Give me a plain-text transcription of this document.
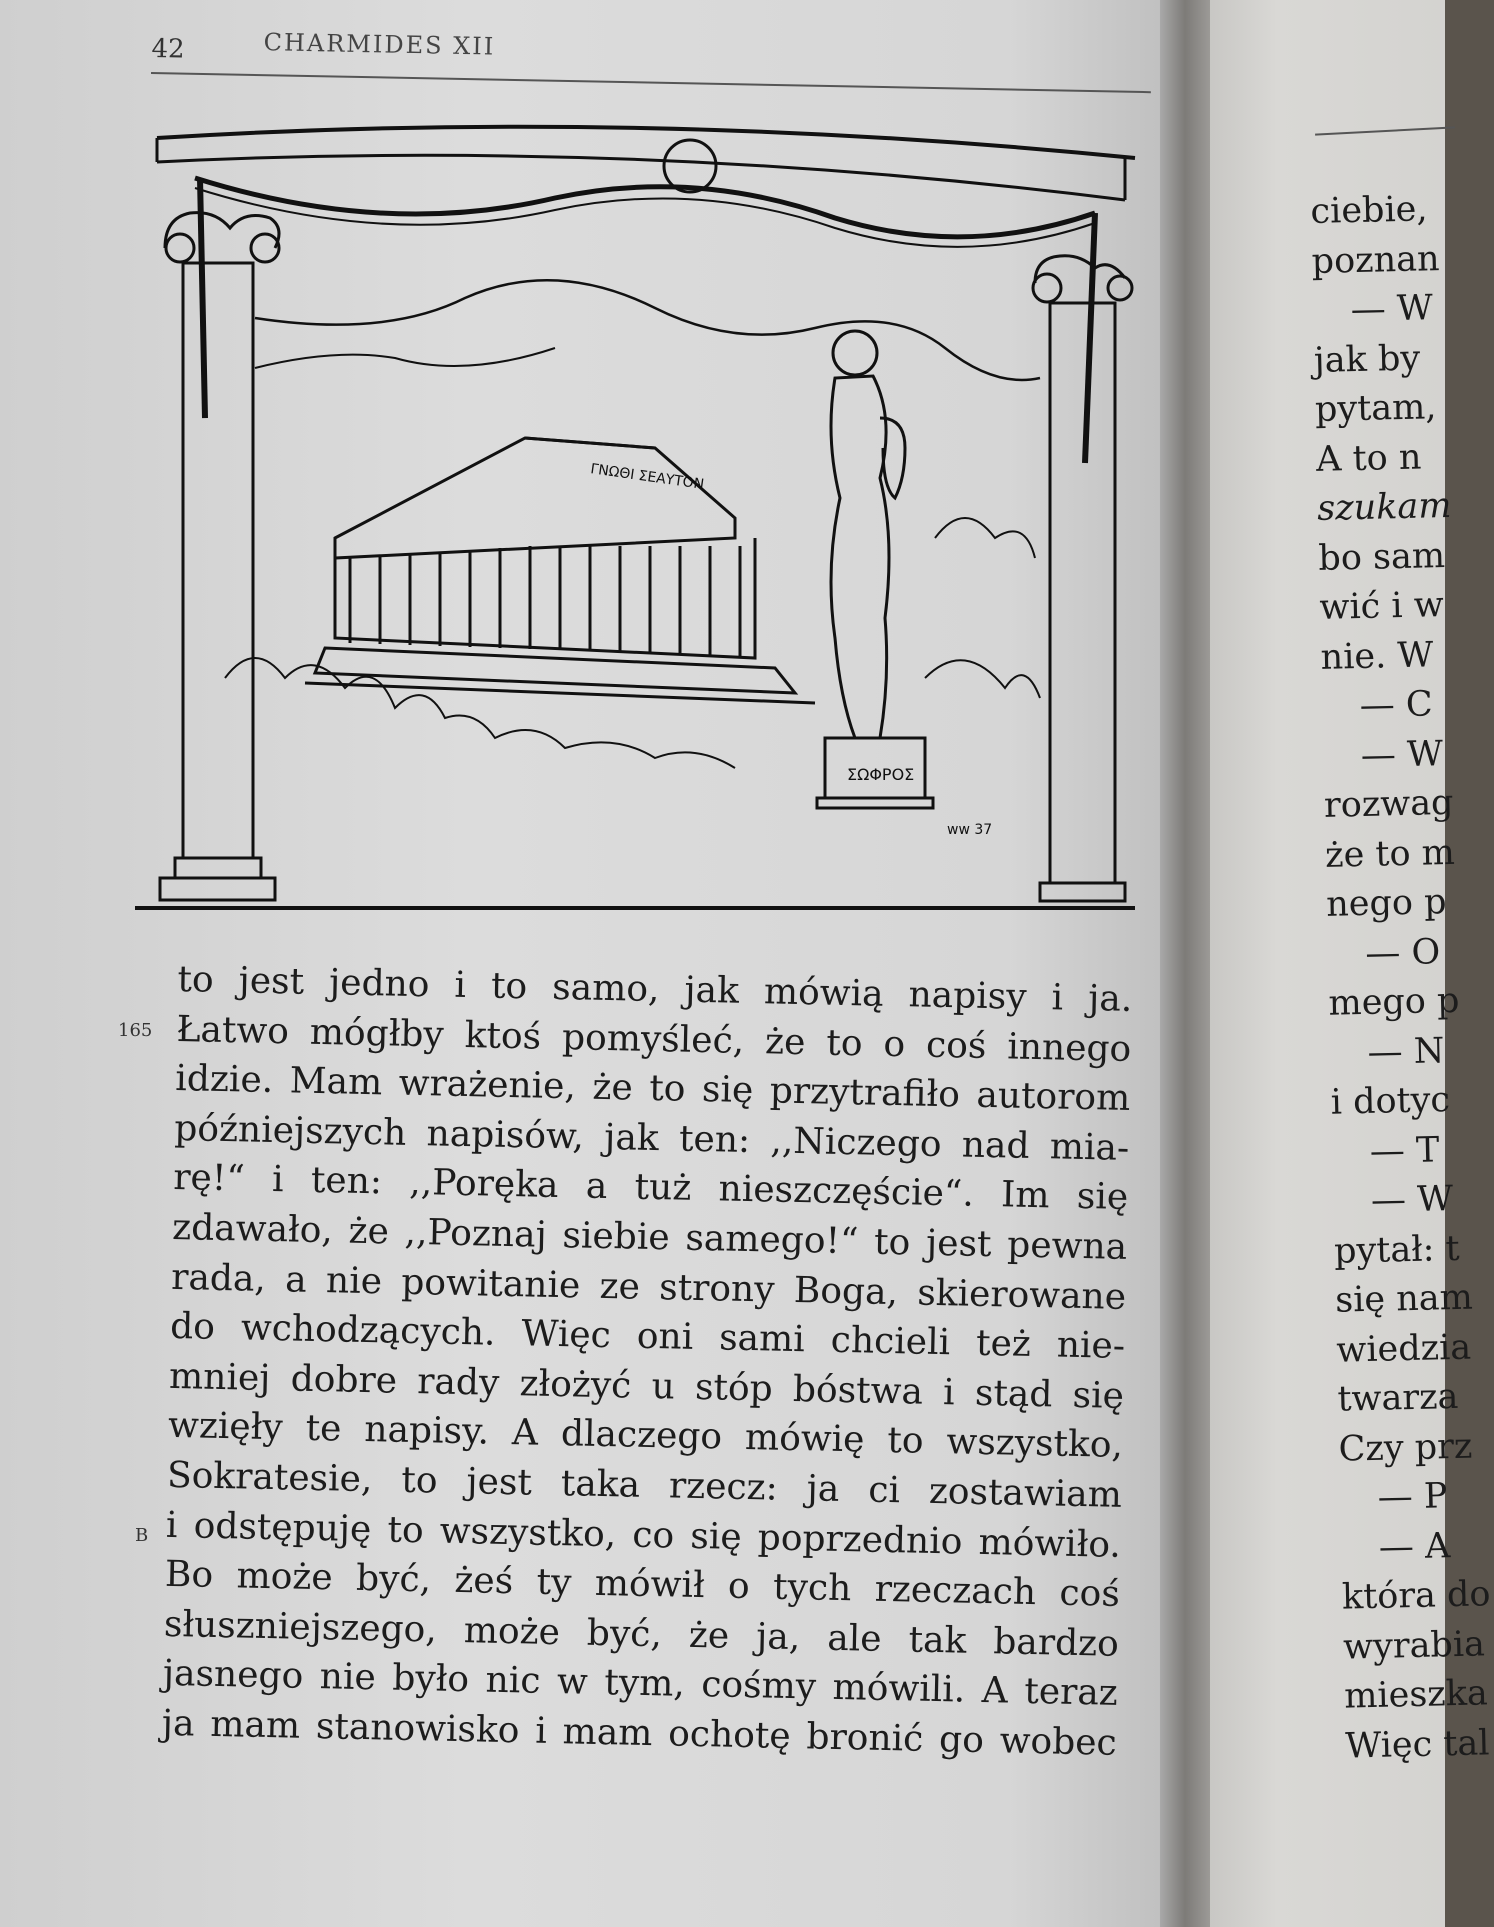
42	CHARMIDES XII
ΣΩΦΡΟΣ
ΓΝΩΘΙ ΣΕΑΥΤΟΝ
ww 37
165
B
to jest jedno i to samo, jak mówią napisy i ja.
Łatwo mógłby ktoś pomyśleć, że to o coś innego
idzie. Mam wrażenie, że to się przytrafiło autorom
późniejszych napisów, jak ten: ,,Niczego nad mia-
rę!“ i ten: ,,Poręka a tuż nieszczęście“. Im się
zdawało, że ,,Poznaj siebie samego!“ to jest pewna
rada, a nie powitanie ze strony Boga, skierowane
do wchodzących. Więc oni sami chcieli też nie-
mniej dobre rady złożyć u stóp bóstwa i stąd się
wzięły te napisy. A dlaczego mówię to wszystko,
Sokratesie, to jest taka rzecz: ja ci zostawiam
i odstępuję to wszystko, co się poprzednio mówiło.
Bo może być, żeś ty mówił o tych rzeczach coś
słuszniejszego, może być, że ja, ale tak bardzo
jasnego nie było nic w tym, cośmy mówili. A teraz
ja mam stanowisko i mam ochotę bronić go wobec
ciebie,
poznan
— W
jak by
pytam,
A to n
szukam
bo sam
wić i w
nie. W
— C
— W
rozwag
że to m
nego p
— O
mego p
— N
i dotyc
— T
— W
pytał: t
się nam
wiedzia
twarza
Czy prz
— P
— A
która do
wyrabia
mieszka
Więc tal
